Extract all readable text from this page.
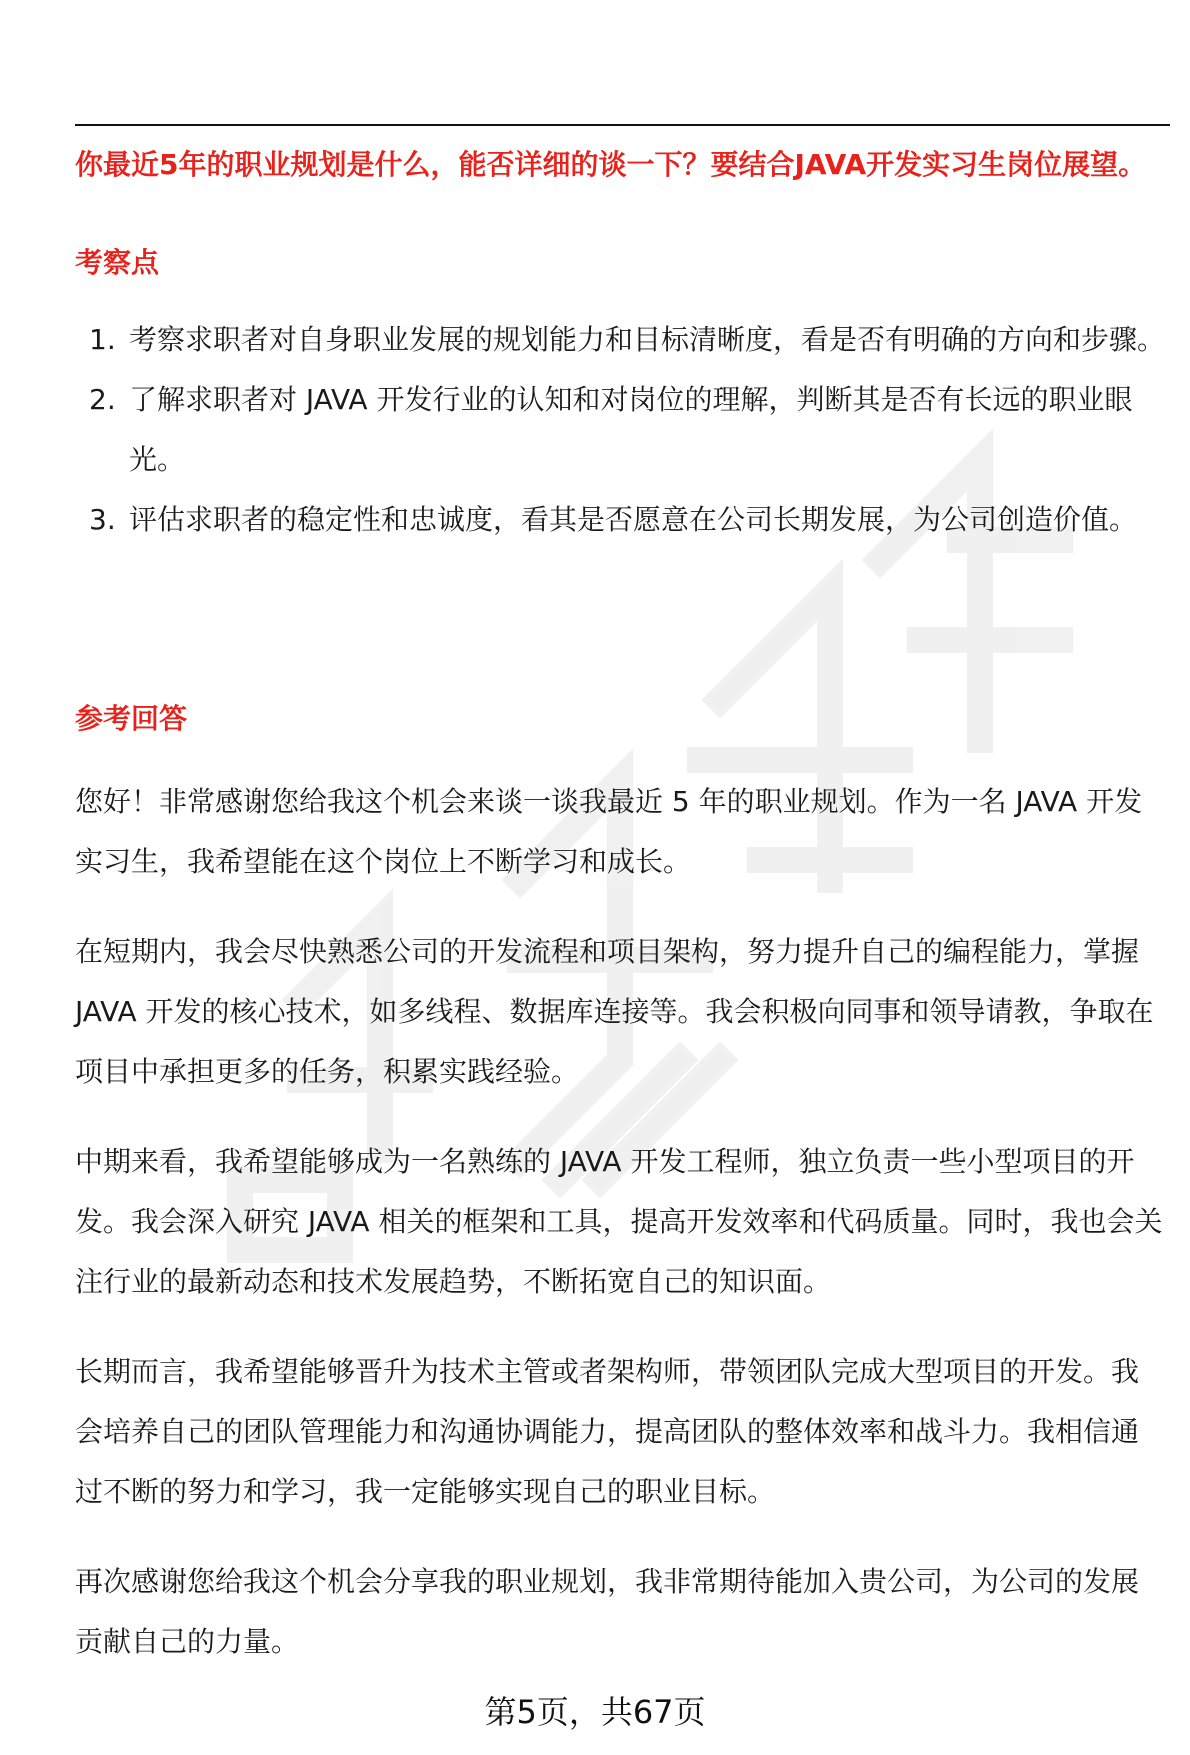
你最近5年的职业规划是什么，能否详细的谈一下？要结合JAVA开发实习生岗位展望。
考察点
1. 考察求职者对自身职业发展的规划能力和目标清晰度，看是否有明确的方向和步骤。
2. 了解求职者对 JAVA 开发行业的认知和对岗位的理解，判断其是否有长远的职业眼光。
3. 评估求职者的稳定性和忠诚度，看其是否愿意在公司长期发展，为公司创造价值。
参考回答
您好！非常感谢您给我这个机会来谈一谈我最近 5 年的职业规划。作为一名 JAVA 开发实习生，我希望能在这个岗位上不断学习和成长。
在短期内，我会尽快熟悉公司的开发流程和项目架构，努力提升自己的编程能力，掌握 JAVA 开发的核心技术，如多线程、数据库连接等。我会积极向同事和领导请教，争取在项目中承担更多的任务，积累实践经验。
中期来看，我希望能够成为一名熟练的 JAVA 开发工程师，独立负责一些小型项目的开发。我会深入研究 JAVA 相关的框架和工具，提高开发效率和代码质量。同时，我也会关注行业的最新动态和技术发展趋势，不断拓宽自己的知识面。
长期而言，我希望能够晋升为技术主管或者架构师，带领团队完成大型项目的开发。我会培养自己的团队管理能力和沟通协调能力，提高团队的整体效率和战斗力。我相信通过不断的努力和学习，我一定能够实现自己的职业目标。
再次感谢您给我这个机会分享我的职业规划，我非常期待能加入贵公司，为公司的发展贡献自己的力量。
第5页，共67页
